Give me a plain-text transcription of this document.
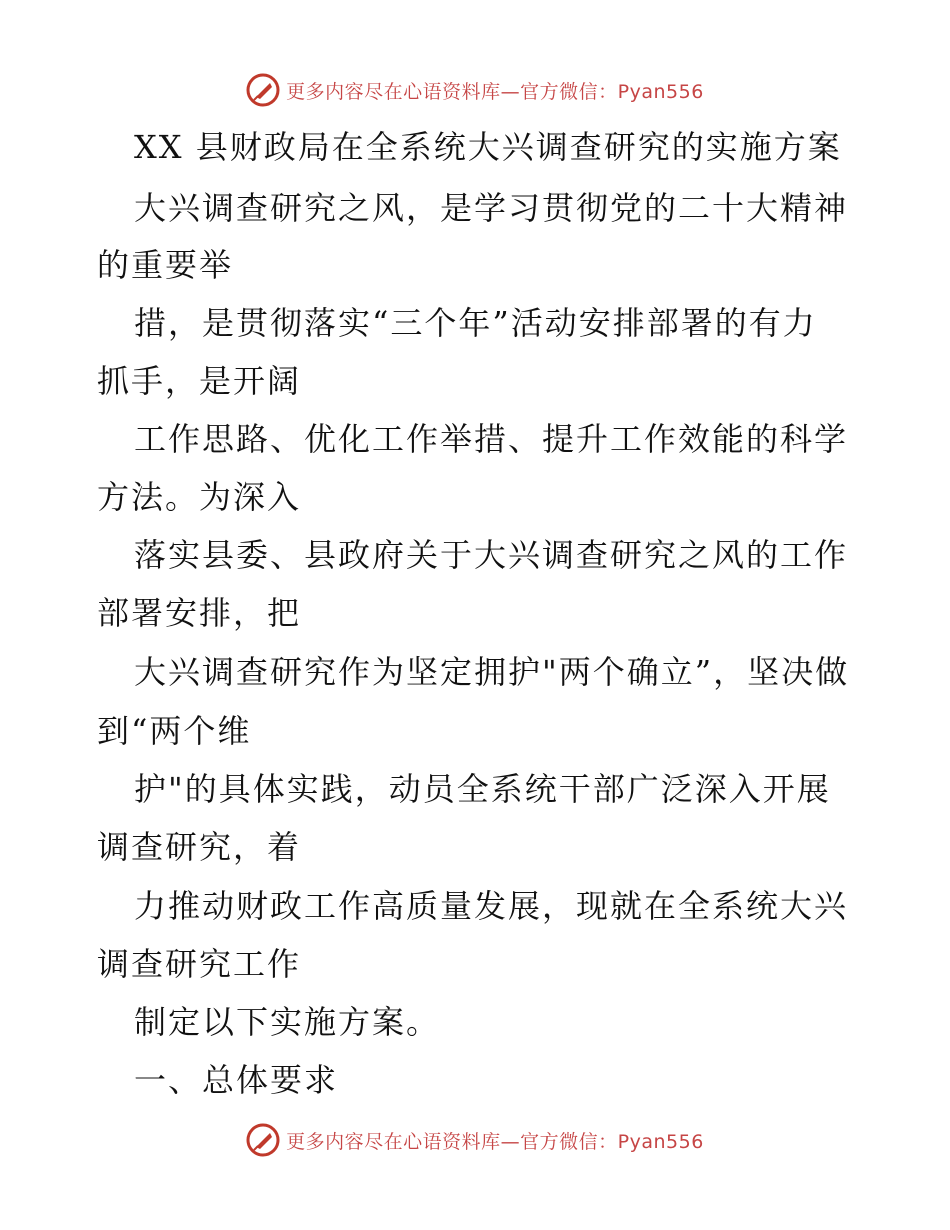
更多内容尽在心语资料库—官方微信：Pyan556
XX 县财政局在全系统大兴调查研究的实施方案
大兴调查研究之风，是学习贯彻党的二十大精神
的重要举
措，是贯彻落实“三个年”活动安排部署的有力
抓手，是开阔
工作思路、优化工作举措、提升工作效能的科学
方法。为深入
落实县委、县政府关于大兴调查研究之风的工作
部署安排，把
大兴调查研究作为坚定拥护"两个确立”，坚决做
到“两个维
护"的具体实践，动员全系统干部广泛深入开展
调查研究，着
力推动财政工作高质量发展，现就在全系统大兴
调查研究工作
制定以下实施方案。
一、总体要求
更多内容尽在心语资料库—官方微信：Pyan556
